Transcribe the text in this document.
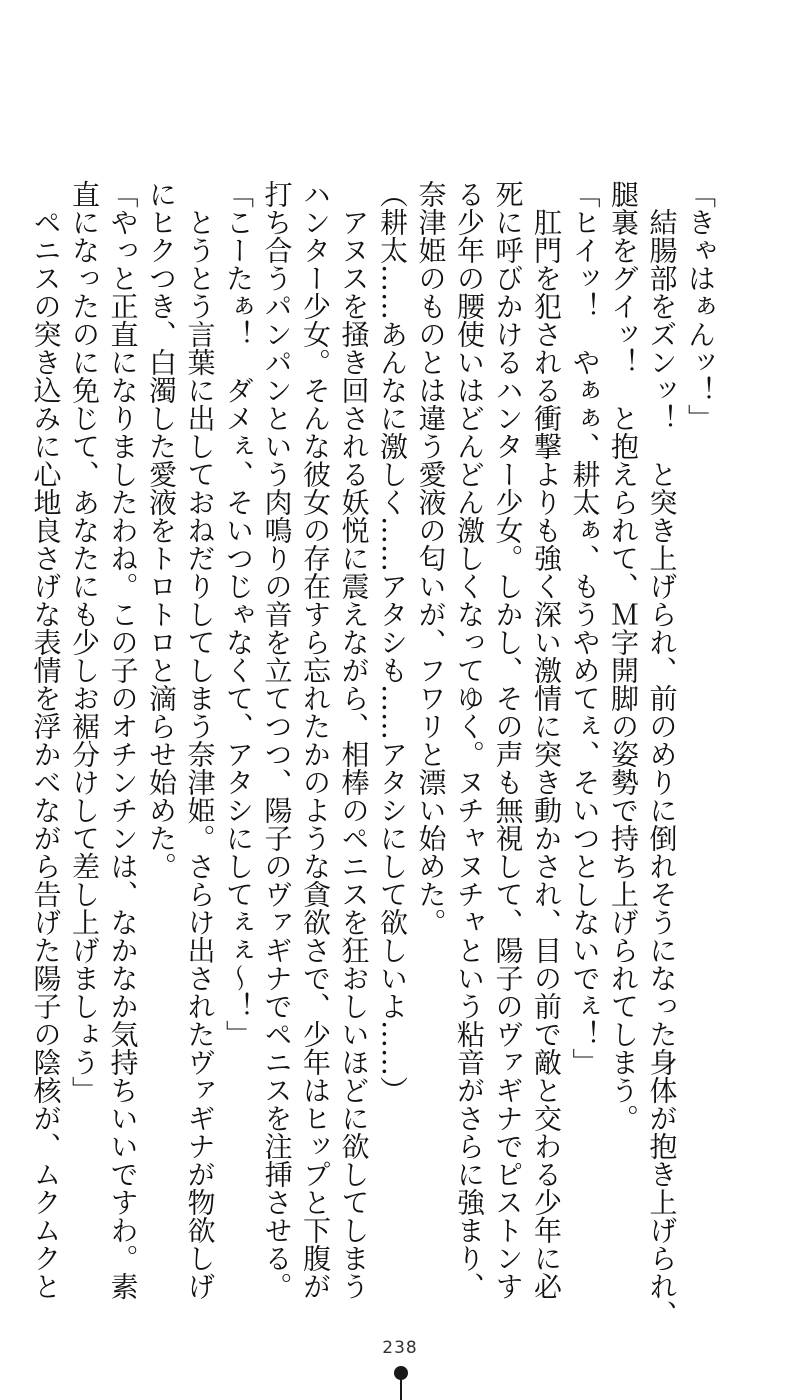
「きゃはぁんッ！」
　結腸部をズンッ！　と突き上げられ、前のめりに倒れそうになった身体が抱き上げられ、
腿裏をグイッ！　と抱えられて、Ｍ字開脚の姿勢で持ち上げられてしまう。
「ヒイッ！　やぁぁ、耕太ぁ、もうやめてぇ、そいつとしないでぇ！」
　肛門を犯される衝撃よりも強く深い激情に突き動かされ、目の前で敵と交わる少年に必
死に呼びかけるハンター少女。しかし、その声も無視して、陽子のヴァギナでピストンす
る少年の腰使いはどんどん激しくなってゆく。ヌチャヌチャという粘音がさらに強まり、
奈津姫のものとは違う愛液の匂いが、フワリと漂い始めた。
（耕太……あんなに激しく……アタシも……アタシにして欲しいよ……）
　アヌスを掻き回される妖悦に震えながら、相棒のペニスを狂おしいほどに欲してしまう
ハンター少女。そんな彼女の存在すら忘れたかのような貪欲さで、少年はヒップと下腹が
打ち合うパンパンという肉鳴りの音を立てつつ、陽子のヴァギナでペニスを注挿させる。
「こーたぁ！　ダメぇ、そいつじゃなくて、アタシにしてぇぇ～！」
　とうとう言葉に出しておねだりしてしまう奈津姫。さらけ出されたヴァギナが物欲しげ
にヒクつき、白濁した愛液をトロトロと滴らせ始めた。
「やっと正直になりましたわね。この子のオチンチンは、なかなか気持ちいいですわ。素
直になったのに免じて、あなたにも少しお裾分けして差し上げましょう」
　ペニスの突き込みに心地良さげな表情を浮かべながら告げた陽子の陰核が、ムクムクと
238
